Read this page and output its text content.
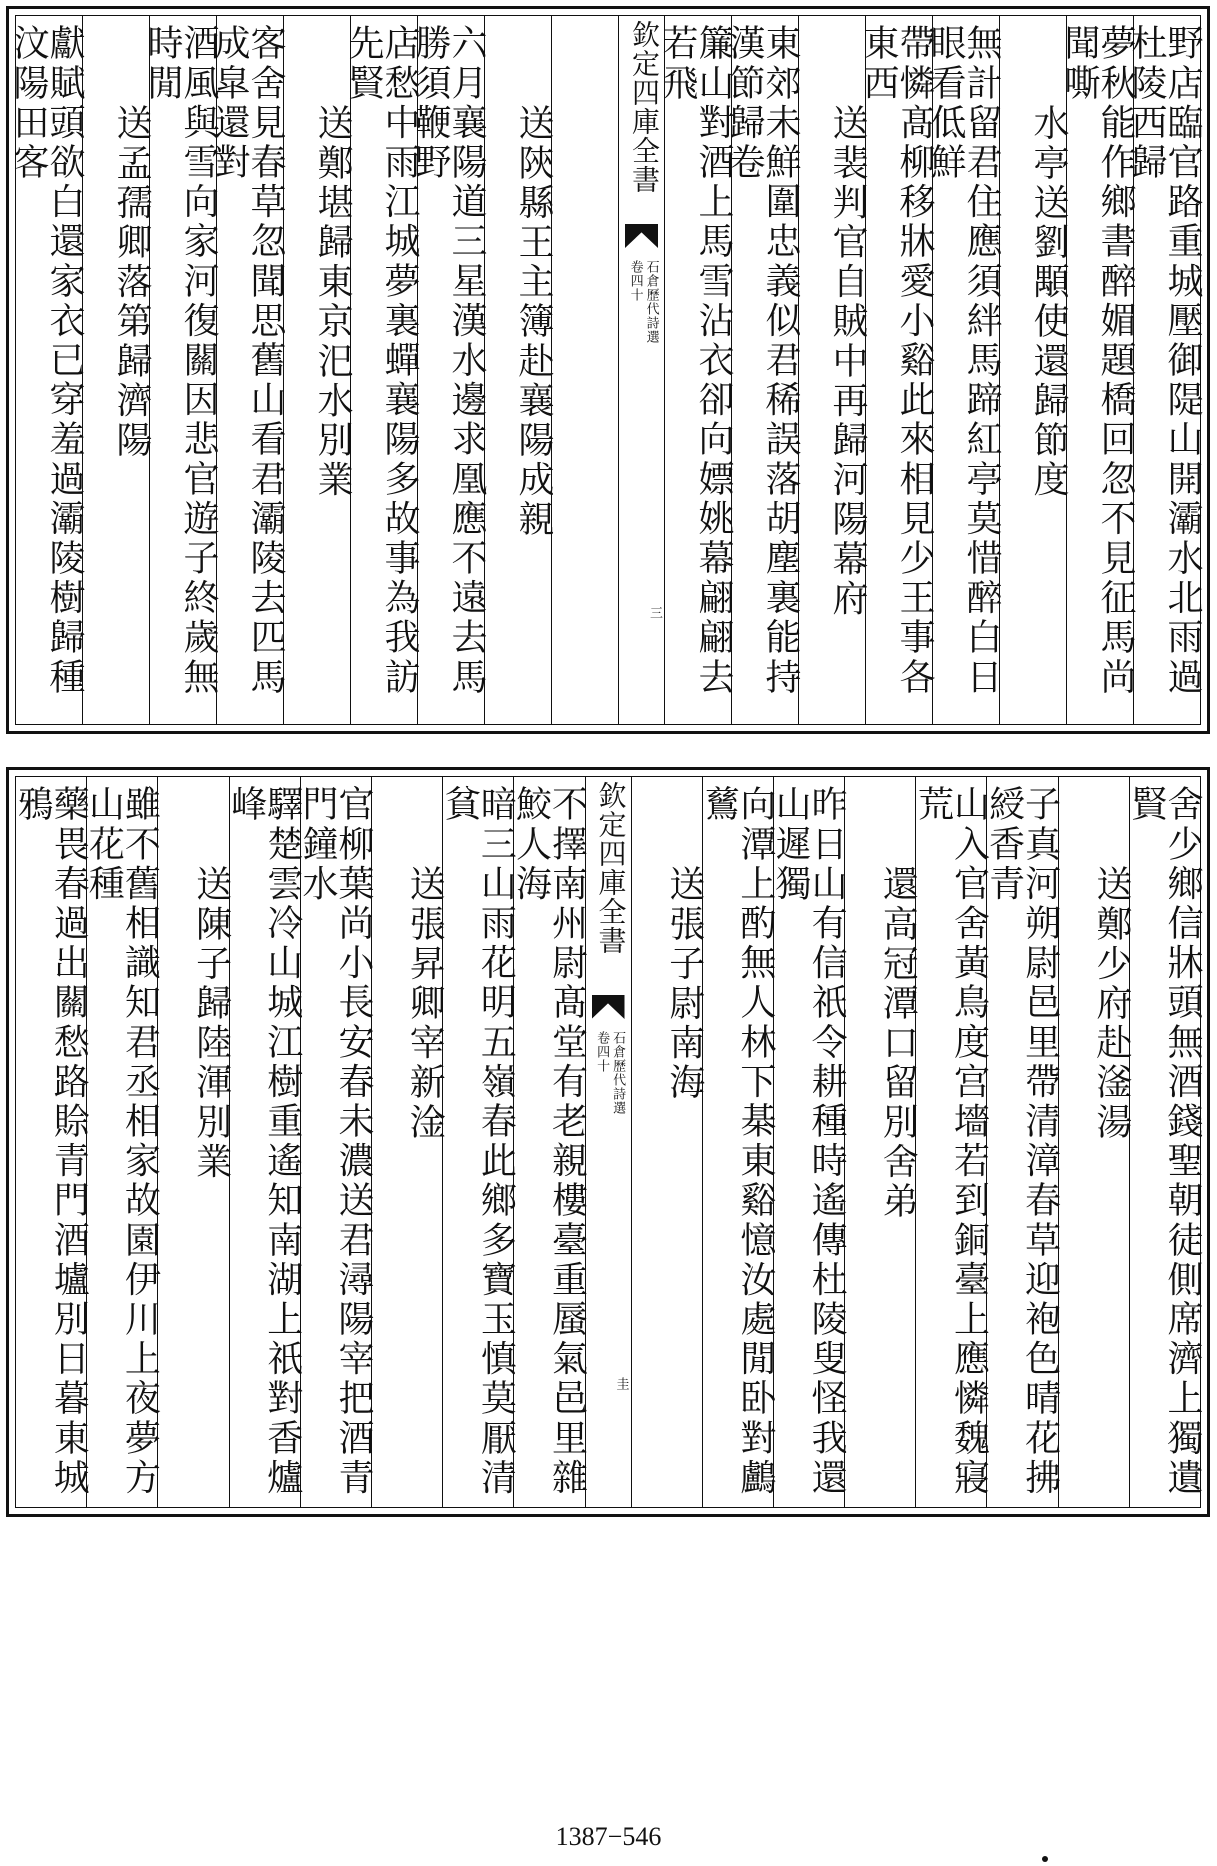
野店臨官路重城壓御隄山開灞水北雨過杜陵西歸
夢秋能作鄉書醉媚題橋回忽不見征馬尚聞嘶
水亭送劉顒使還歸節度
無計留君住應須絆馬蹄紅亭莫惜醉白日眼看低鮮
帶憐髙柳移牀愛小谿此來相見少王事各東西
送裴判官自賊中再歸河陽幕府
東郊未鮮圍忠義似君稀誤落胡塵裏能持漢節歸卷
簾山對酒上馬雪沾衣卻向嫖姚幕翩翩去若飛
欽定四庫全書
石倉歷代詩選
卷四十
三
送陝縣王主簿赴襄陽成親
六月襄陽道三星漢水邊求凰應不遠去馬勝須鞭野
店愁中雨江城夢裏蟬襄陽多故事為我訪先賢
送鄭堪歸東京汜水別業
客舍見春草忽聞思舊山看君灞陵去匹馬成皐還對
酒風與雪向家河復關因悲官遊子終歲無時閒
送孟孺卿落第歸濟陽
獻賦頭欲白還家衣已穿羞過灞陵樹歸種汶陽田客
舍少鄉信牀頭無酒錢聖朝徒側席濟上獨遺賢
送鄭少府赴滏湯
子真河朔尉邑里帶清漳春草迎袍色晴花拂綬香青
山入官舍黃鳥度宫墻若到銅臺上應憐魏寢荒
還高冠潭口留別舍弟
昨日山有信祇令耕種時遙傳杜陵叟怪我還山遲獨
向潭上酌無人林下棊東谿憶汝處閒卧對鸕鶿
送張子尉南海
欽定四庫全書
石倉歷代詩選
卷四十
圭
不擇南州尉髙堂有老親樓臺重蜃氣邑里雜鮫人海
暗三山雨花明五嶺春此鄉多寶玉慎莫厭清貧
送張昇卿宰新淦
官柳葉尚小長安春未濃送君潯陽宰把酒青門鐘水
驛楚雲冷山城江樹重遙知南湖上祇對香爐峰
送陳子歸陸渾別業
雖不舊相識知君丞相家故園伊川上夜夢方山花種
藥畏春過出關愁路賒青門酒壚別日暮東城鴉
1387−546
